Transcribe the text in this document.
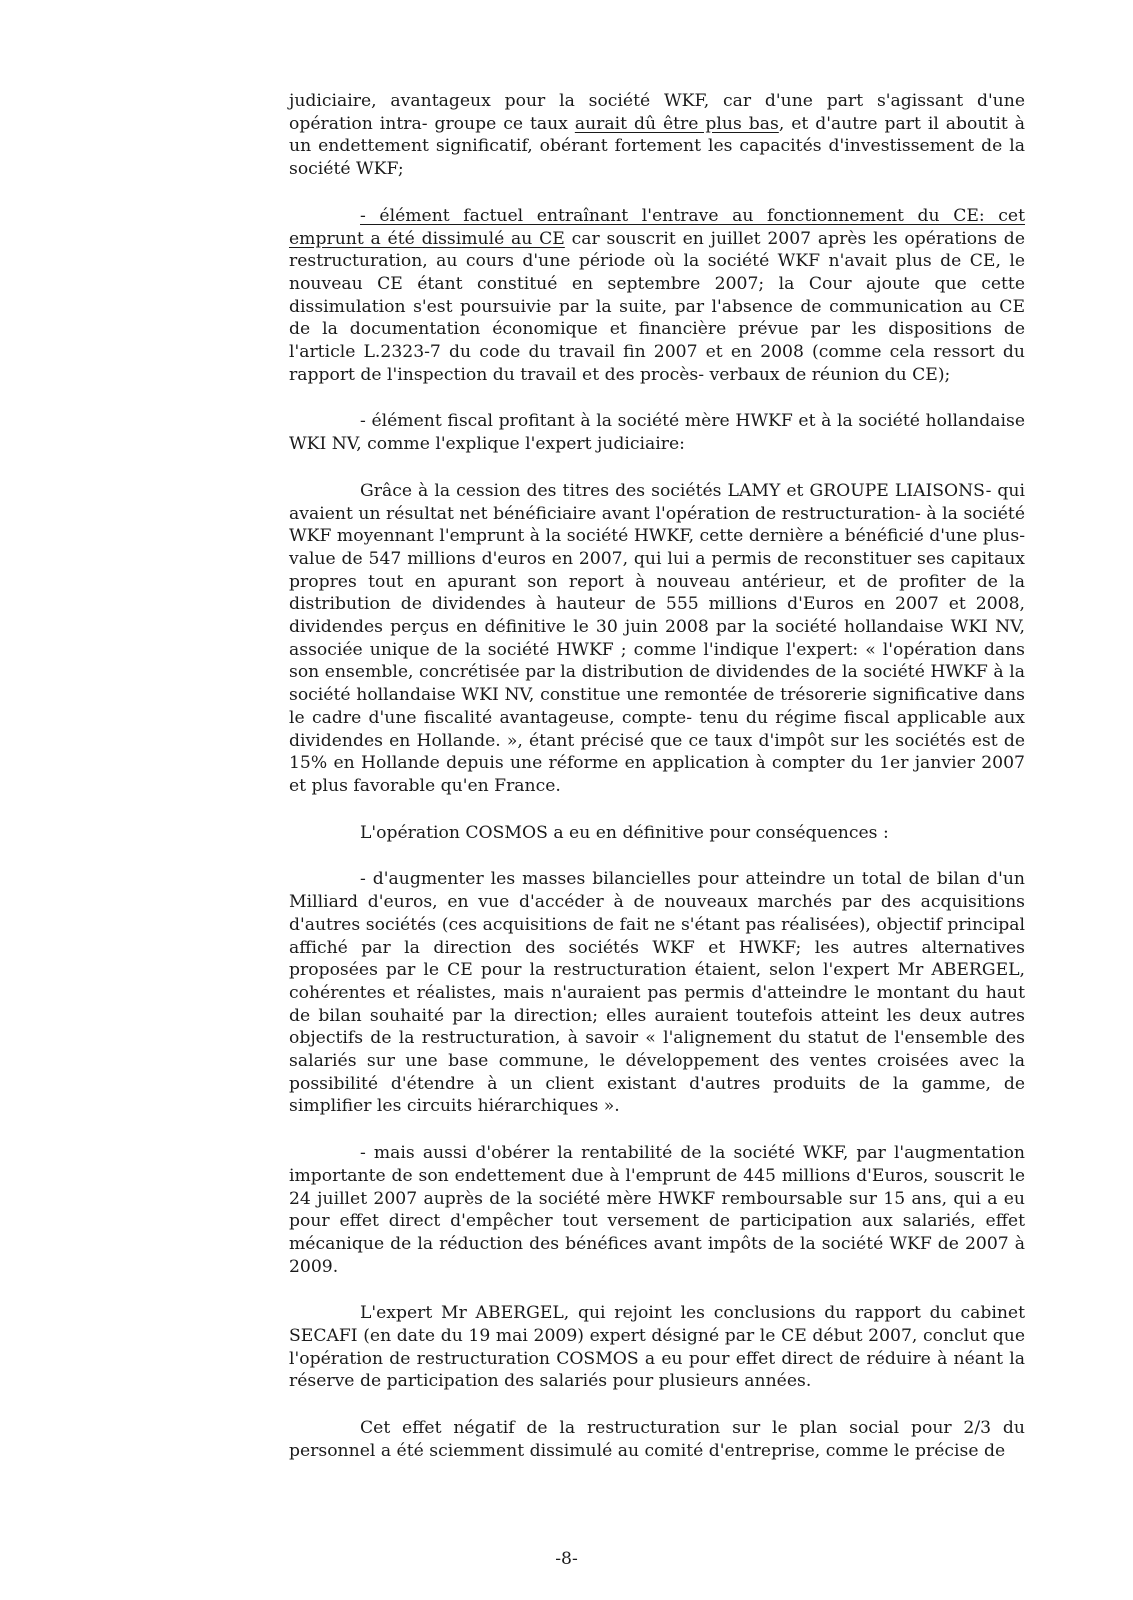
judiciaire, avantageux pour la société WKF, car d'une part s'agissant d'une opération intra- groupe ce taux aurait dû être plus bas, et d'autre part il aboutit à un endettement significatif, obérant fortement les capacités d'investissement de la société WKF;

- élément factuel entraînant l'entrave au fonctionnement du CE: cet emprunt a été dissimulé au CE car souscrit en juillet 2007 après les opérations de restructuration, au cours d'une période où la société WKF n'avait plus de CE, le nouveau CE étant constitué en septembre 2007; la Cour ajoute que cette dissimulation s'est poursuivie par la suite, par l'absence de communication au CE de la documentation économique et financière prévue par les dispositions de l'article L.2323-7 du code du travail fin 2007 et en 2008 (comme cela ressort du rapport de l'inspection du travail et des procès- verbaux de réunion du CE);

- élément fiscal profitant à la société mère HWKF et à la société hollandaise WKI NV, comme l'explique l'expert judiciaire:

Grâce à la cession des titres des sociétés LAMY et GROUPE LIAISONS- qui avaient un résultat net bénéficiaire avant l'opération de restructuration- à la société WKF moyennant l'emprunt à la société HWKF, cette dernière a bénéficié d'une plus- value de 547 millions d'euros en 2007, qui lui a permis de reconstituer ses capitaux propres tout en apurant son report à nouveau antérieur, et de profiter de la distribution de dividendes à hauteur de 555 millions d'Euros en 2007 et 2008, dividendes perçus en définitive le 30 juin 2008 par la société hollandaise WKI NV, associée unique de la société HWKF ; comme l'indique l'expert: « l'opération dans son ensemble, concrétisée par la distribution de dividendes de la société HWKF à la société hollandaise WKI NV, constitue une remontée de trésorerie significative dans le cadre d'une fiscalité avantageuse, compte- tenu du régime fiscal applicable aux dividendes en Hollande. », étant précisé que ce taux d'impôt sur les sociétés est de 15% en Hollande depuis une réforme en application à compter du 1er janvier 2007 et plus favorable qu'en France.

L'opération COSMOS a eu en définitive pour conséquences :

- d'augmenter les masses bilancielles pour atteindre un total de bilan d'un Milliard d'euros, en vue d'accéder à de nouveaux marchés par des acquisitions d'autres sociétés (ces acquisitions de fait ne s'étant pas réalisées), objectif principal affiché par la direction des sociétés WKF et HWKF; les autres alternatives proposées par le CE pour la restructuration étaient, selon l'expert Mr ABERGEL, cohérentes et réalistes, mais n'auraient pas permis d'atteindre le montant du haut de bilan souhaité par la direction; elles auraient toutefois atteint les deux autres objectifs de la restructuration, à savoir « l'alignement du statut de l'ensemble des salariés sur une base commune, le développement des ventes croisées avec la possibilité d'étendre à un client existant d'autres produits de la gamme, de simplifier les circuits hiérarchiques ».

- mais aussi d'obérer la rentabilité de la société WKF, par l'augmentation importante de son endettement due à l'emprunt de 445 millions d'Euros, souscrit le 24 juillet 2007 auprès de la société mère HWKF remboursable sur 15 ans, qui a eu pour effet direct d'empêcher tout versement de participation aux salariés, effet mécanique de la réduction des bénéfices avant impôts de la société WKF de 2007 à 2009.

L'expert Mr ABERGEL, qui rejoint les conclusions du rapport du cabinet SECAFI (en date du 19 mai 2009) expert désigné par le CE début 2007, conclut que l'opération de restructuration COSMOS a eu pour effet direct de réduire à néant la réserve de participation des salariés pour plusieurs années.

Cet effet négatif de la restructuration sur le plan social pour 2/3 du personnel a été sciemment dissimulé au comité d'entreprise, comme le précise de

-8-
